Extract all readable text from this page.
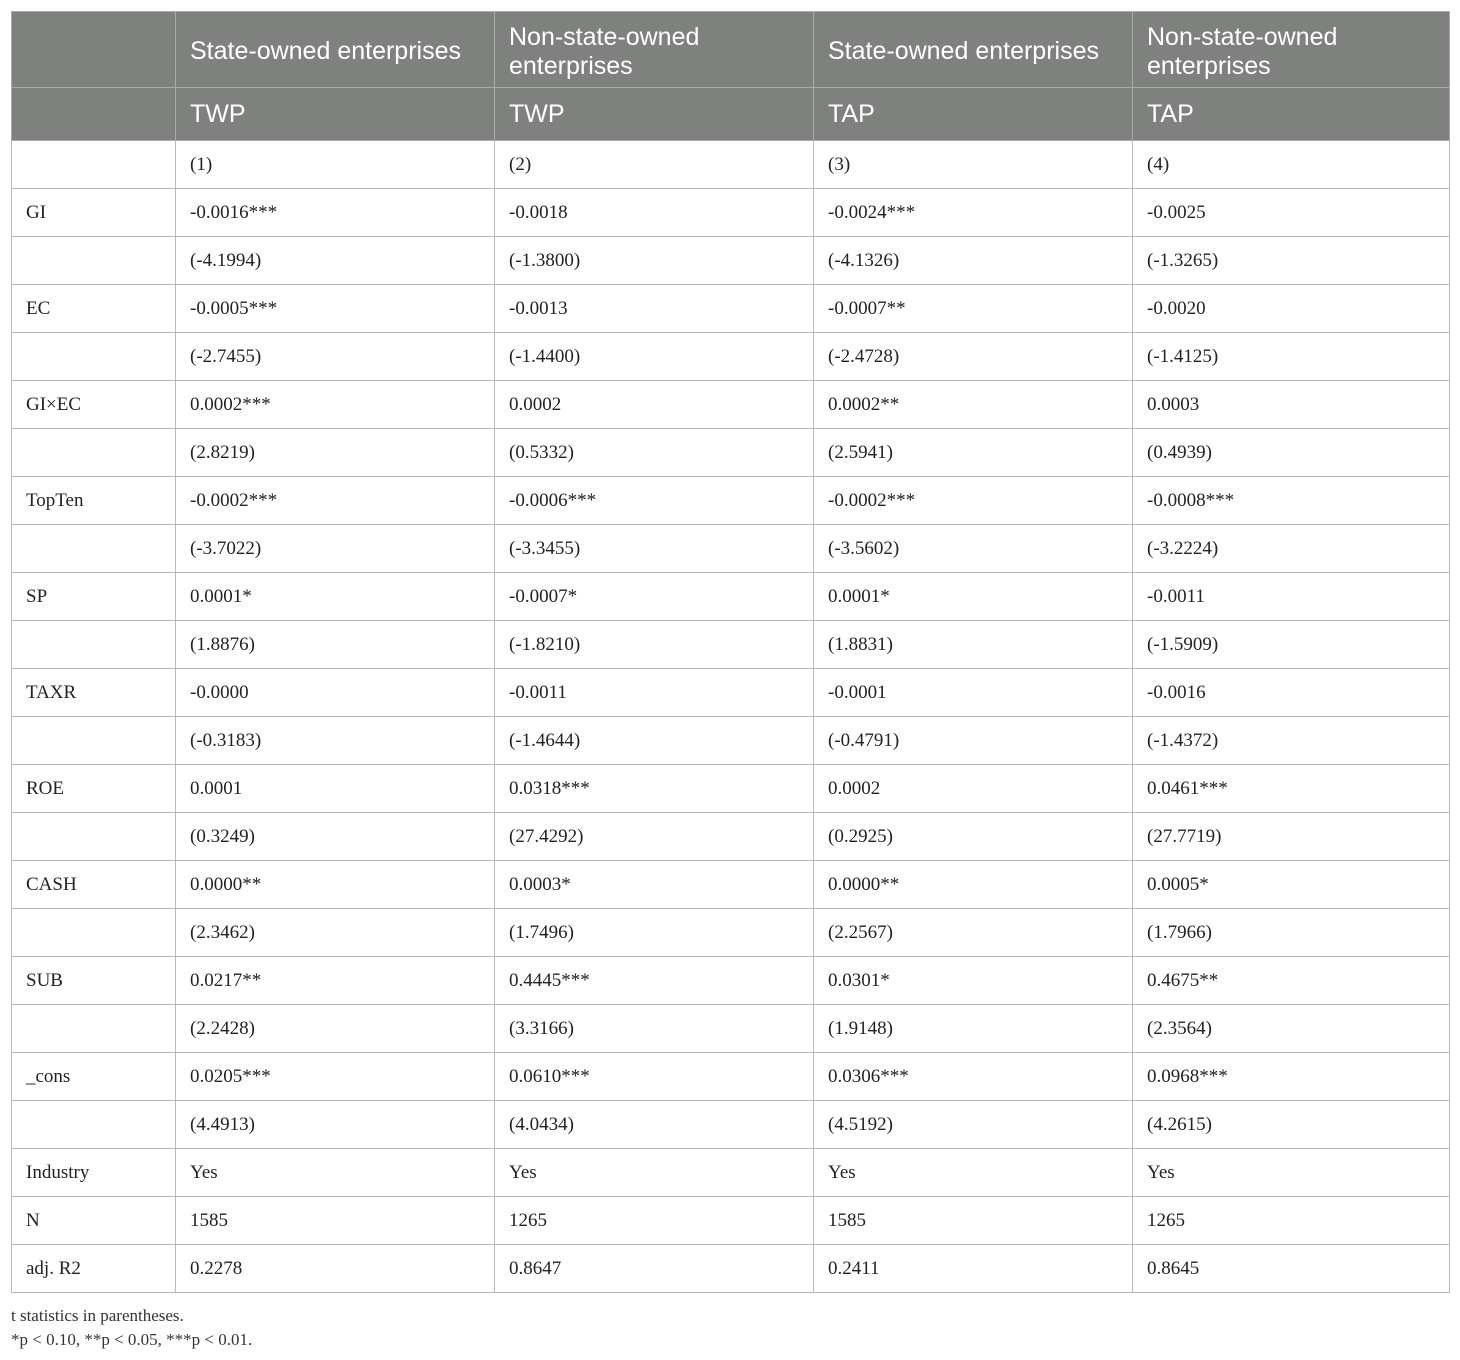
	State-owned enterprises	Non-state-owned enterprises	State-owned enterprises	Non-state-owned enterprises
	TWP	TWP	TAP	TAP
	(1)	(2)	(3)	(4)
GI	-0.0016***	-0.0018	-0.0024***	-0.0025
	(-4.1994)	(-1.3800)	(-4.1326)	(-1.3265)
EC	-0.0005***	-0.0013	-0.0007**	-0.0020
	(-2.7455)	(-1.4400)	(-2.4728)	(-1.4125)
GI×EC	0.0002***	0.0002	0.0002**	0.0003
	(2.8219)	(0.5332)	(2.5941)	(0.4939)
TopTen	-0.0002***	-0.0006***	-0.0002***	-0.0008***
	(-3.7022)	(-3.3455)	(-3.5602)	(-3.2224)
SP	0.0001*	-0.0007*	0.0001*	-0.0011
	(1.8876)	(-1.8210)	(1.8831)	(-1.5909)
TAXR	-0.0000	-0.0011	-0.0001	-0.0016
	(-0.3183)	(-1.4644)	(-0.4791)	(-1.4372)
ROE	0.0001	0.0318***	0.0002	0.0461***
	(0.3249)	(27.4292)	(0.2925)	(27.7719)
CASH	0.0000**	0.0003*	0.0000**	0.0005*
	(2.3462)	(1.7496)	(2.2567)	(1.7966)
SUB	0.0217**	0.4445***	0.0301*	0.4675**
	(2.2428)	(3.3166)	(1.9148)	(2.3564)
_cons	0.0205***	0.0610***	0.0306***	0.0968***
	(4.4913)	(4.0434)	(4.5192)	(4.2615)
Industry	Yes	Yes	Yes	Yes
N	1585	1265	1585	1265
adj. R2	0.2278	0.8647	0.2411	0.8645
t statistics in parentheses.
*p < 0.10, **p < 0.05, ***p < 0.01.
